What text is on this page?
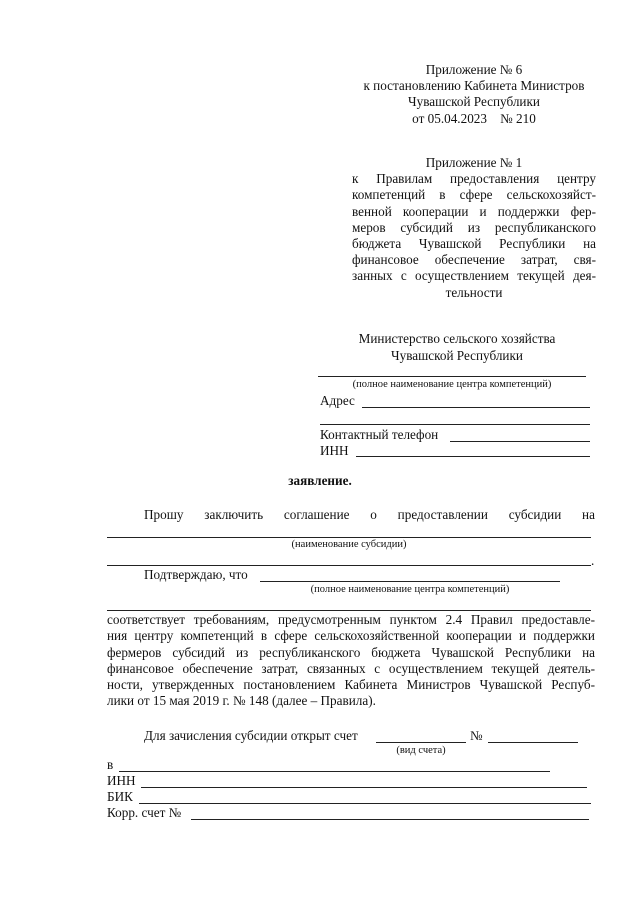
Приложение № 6
к постановлению Кабинета Министров
Чувашской Республики
от 05.04.2023 № 210
Приложение № 1
к Правилам предоставления центру
компетенций в сфере сельскохозяйст-
венной кооперации и поддержки фер-
меров субсидий из республиканского
бюджета Чувашской Республики на
финансовое обеспечение затрат, свя-
занных с осуществлением текущей дея-
тельности
Министерство сельского хозяйства
Чувашской Республики
(полное наименование центра компетенций)
Адрес
Контактный телефон
ИНН
заявление.
Прошу заключить соглашение о предоставлении субсидии на
(наименование субсидии)
.
Подтверждаю, что
(полное наименование центра компетенций)
соответствует требованиям, предусмотренным пунктом 2.4 Правил предоставле-
ния центру компетенций в сфере сельскохозяйственной кооперации и поддержки
фермеров субсидий из республиканского бюджета Чувашской Республики на
финансовое обеспечение затрат, связанных с осуществлением текущей деятель-
ности, утвержденных постановлением Кабинета Министров Чувашской Респуб-
лики от 15 мая 2019 г. № 148 (далее – Правила).
Для зачисления субсидии открыт счет
(вид счета)
№
в
ИНН
БИК
Корр. счет №
